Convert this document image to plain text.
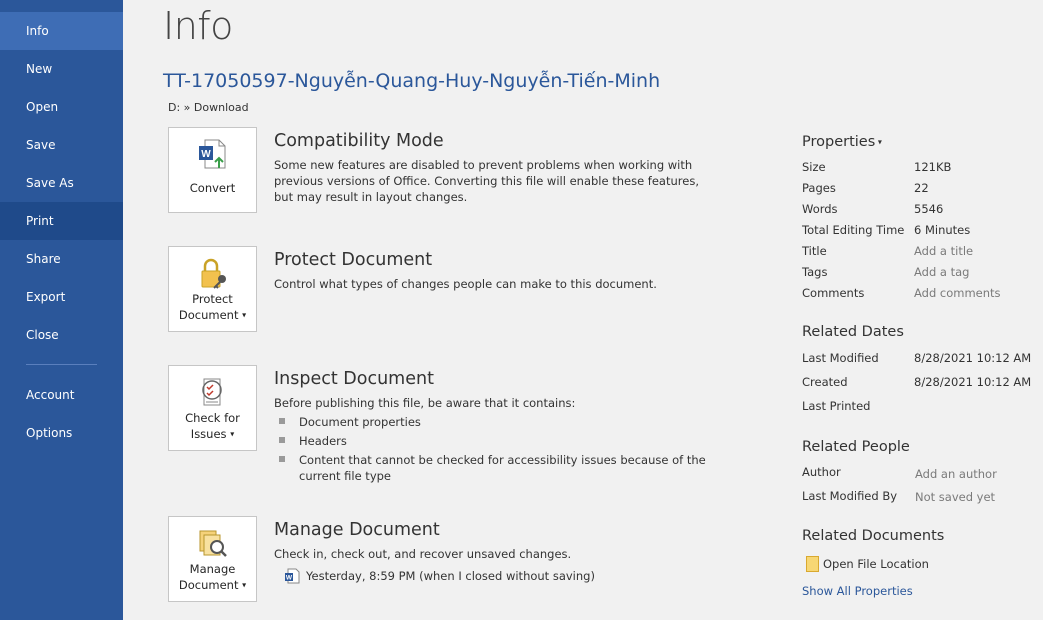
Info
New
Open
Save
Save As
Print
Share
Export
Close
Account
Options
Info
TT-17050597-Nguyễn-Quang-Huy-Nguyễn-Tiến-Minh
D: » Download
W
Convert
Compatibility Mode
Some new features are disabled to prevent problems when working with previous versions of Office. Converting this file will enable these features, but may result in layout changes.
Protect
Document ▾
Protect Document
Control what types of changes people can make to this document.
Check for
Issues ▾
Inspect Document
Before publishing this file, be aware that it contains:
Document properties
Headers
Content that cannot be checked for accessibility issues because of the current file type
Manage
Document ▾
Manage Document
Check in, check out, and recover unsaved changes.
W Yesterday, 8:59 PM (when I closed without saving)
Properties ▾
Size	121KB
Pages	22
Words	5546
Total Editing Time 6 Minutes
Title	Add a title
Tags	Add a tag
Comments	Add comments
Related Dates
Last Modified	8/28/2021 10:12 AM
Created	8/28/2021 10:12 AM
Last Printed
Related People
Author	Add an author
Last Modified By Not saved yet
Related Documents
Open File Location
Show All Properties
